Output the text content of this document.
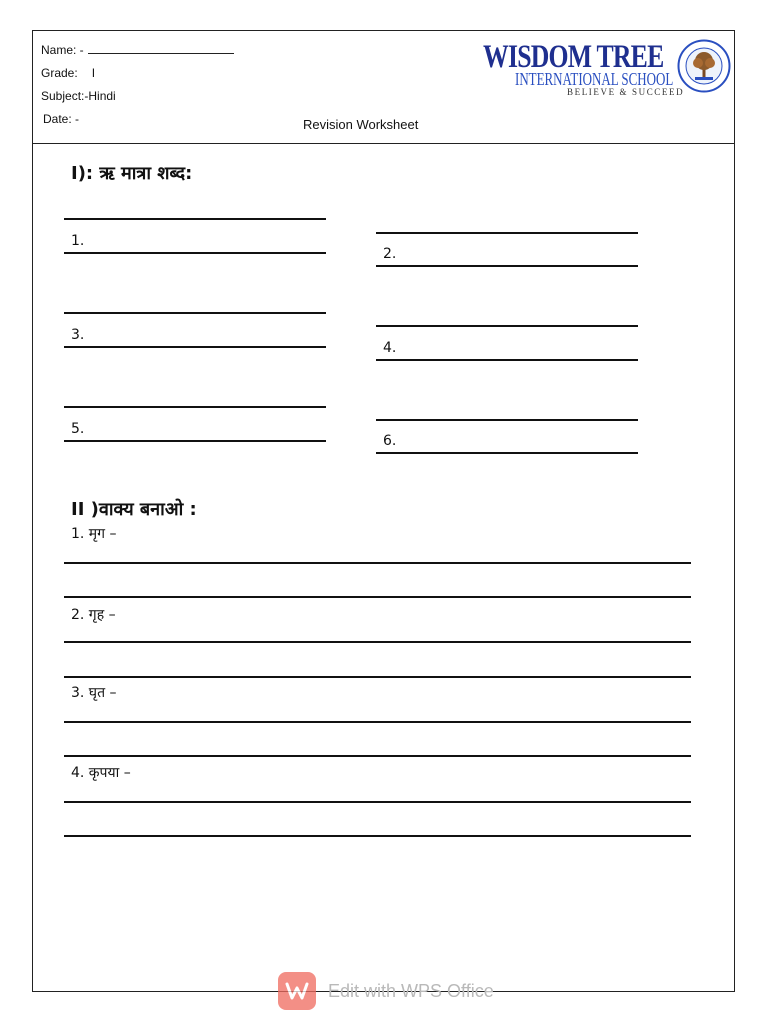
Name: -
Grade: I
Subject:-Hindi
Date: -	Revision Worksheet
WISDOM TREE
INTERNATIONAL SCHOOL
BELIEVE & SUCCEED
I): ऋ मात्रा शब्द:
1.
2.
3.
4.
5.
6.
II )वाक्य बनाओ :
1. मृग –
2. गृह –
3. घृत –
4. कृपया –
Edit with WPS Office
